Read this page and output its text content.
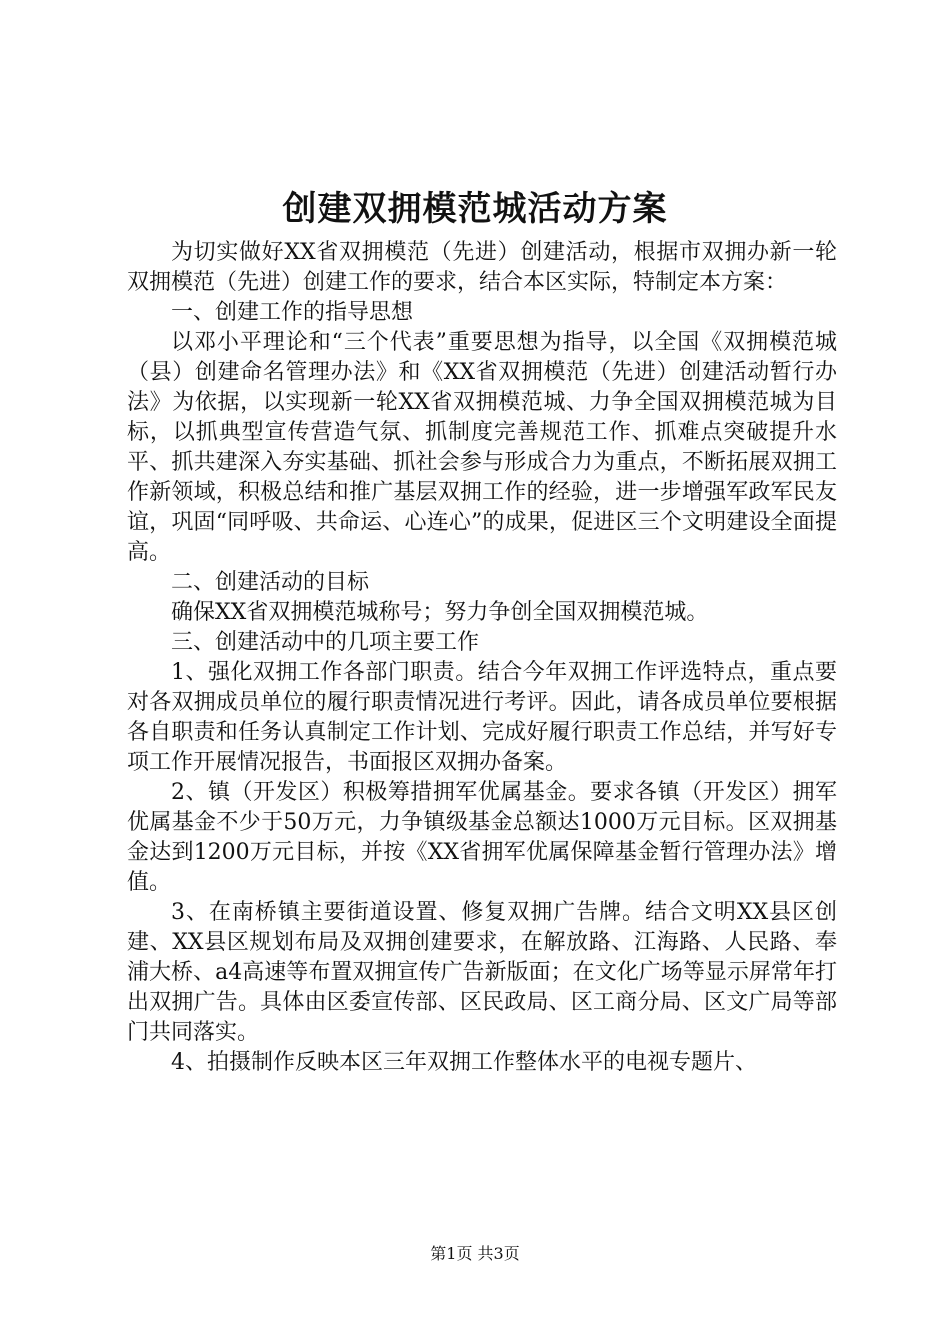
创建双拥模范城活动方案

为切实做好XX省双拥模范（先进）创建活动，根据市双拥办新一轮双拥模范（先进）创建工作的要求，结合本区实际，特制定本方案：

一、创建工作的指导思想

以邓小平理论和“三个代表”重要思想为指导，以全国《双拥模范城（县）创建命名管理办法》和《XX省双拥模范（先进）创建活动暂行办法》为依据，以实现新一轮XX省双拥模范城、力争全国双拥模范城为目标，以抓典型宣传营造气氛、抓制度完善规范工作、抓难点突破提升水平、抓共建深入夯实基础、抓社会参与形成合力为重点，不断拓展双拥工作新领域，积极总结和推广基层双拥工作的经验，进一步增强军政军民友谊，巩固“同呼吸、共命运、心连心”的成果，促进区三个文明建设全面提高。

二、创建活动的目标

确保XX省双拥模范城称号；努力争创全国双拥模范城。

三、创建活动中的几项主要工作

1、强化双拥工作各部门职责。结合今年双拥工作评选特点，重点要对各双拥成员单位的履行职责情况进行考评。因此，请各成员单位要根据各自职责和任务认真制定工作计划、完成好履行职责工作总结，并写好专项工作开展情况报告，书面报区双拥办备案。

2、镇（开发区）积极筹措拥军优属基金。要求各镇（开发区）拥军优属基金不少于50万元，力争镇级基金总额达1000万元目标。区双拥基金达到1200万元目标，并按《XX省拥军优属保障基金暂行管理办法》增值。

3、在南桥镇主要街道设置、修复双拥广告牌。结合文明XX县区创建、XX县区规划布局及双拥创建要求，在解放路、江海路、人民路、奉浦大桥、a4高速等布置双拥宣传广告新版面；在文化广场等显示屏常年打出双拥广告。具体由区委宣传部、区民政局、区工商分局、区文广局等部门共同落实。

4、拍摄制作反映本区三年双拥工作整体水平的电视专题片、

第1页 共3页
